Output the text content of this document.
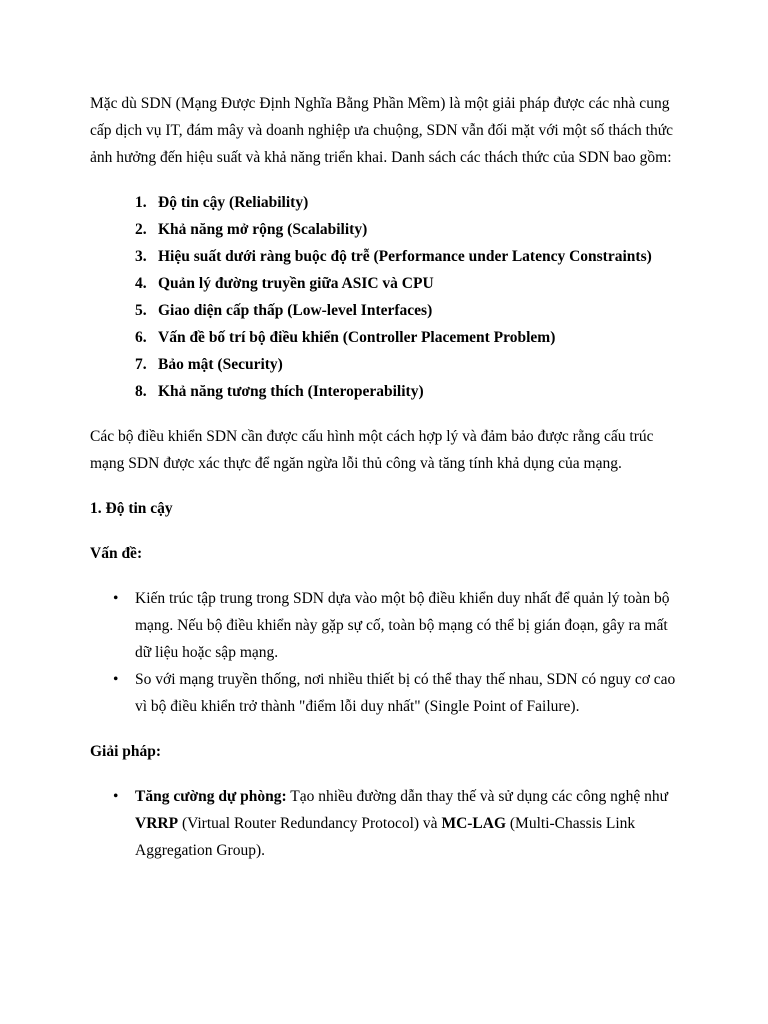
Mặc dù SDN (Mạng Được Định Nghĩa Bằng Phần Mềm) là một giải pháp được các nhà cung cấp dịch vụ IT, đám mây và doanh nghiệp ưa chuộng, SDN vẫn đối mặt với một số thách thức ảnh hưởng đến hiệu suất và khả năng triển khai. Danh sách các thách thức của SDN bao gồm:

1. Độ tin cậy (Reliability)
2. Khả năng mở rộng (Scalability)
3. Hiệu suất dưới ràng buộc độ trễ (Performance under Latency Constraints)
4. Quản lý đường truyền giữa ASIC và CPU
5. Giao diện cấp thấp (Low-level Interfaces)
6. Vấn đề bố trí bộ điều khiển (Controller Placement Problem)
7. Bảo mật (Security)
8. Khả năng tương thích (Interoperability)

Các bộ điều khiển SDN cần được cấu hình một cách hợp lý và đảm bảo được rằng cấu trúc mạng SDN được xác thực để ngăn ngừa lỗi thủ công và tăng tính khả dụng của mạng.

1. Độ tin cậy

Vấn đề:

• Kiến trúc tập trung trong SDN dựa vào một bộ điều khiển duy nhất để quản lý toàn bộ mạng. Nếu bộ điều khiển này gặp sự cố, toàn bộ mạng có thể bị gián đoạn, gây ra mất dữ liệu hoặc sập mạng.
• So với mạng truyền thống, nơi nhiều thiết bị có thể thay thế nhau, SDN có nguy cơ cao vì bộ điều khiển trở thành "điểm lỗi duy nhất" (Single Point of Failure).

Giải pháp:

• Tăng cường dự phòng: Tạo nhiều đường dẫn thay thế và sử dụng các công nghệ như VRRP (Virtual Router Redundancy Protocol) và MC-LAG (Multi-Chassis Link Aggregation Group).
